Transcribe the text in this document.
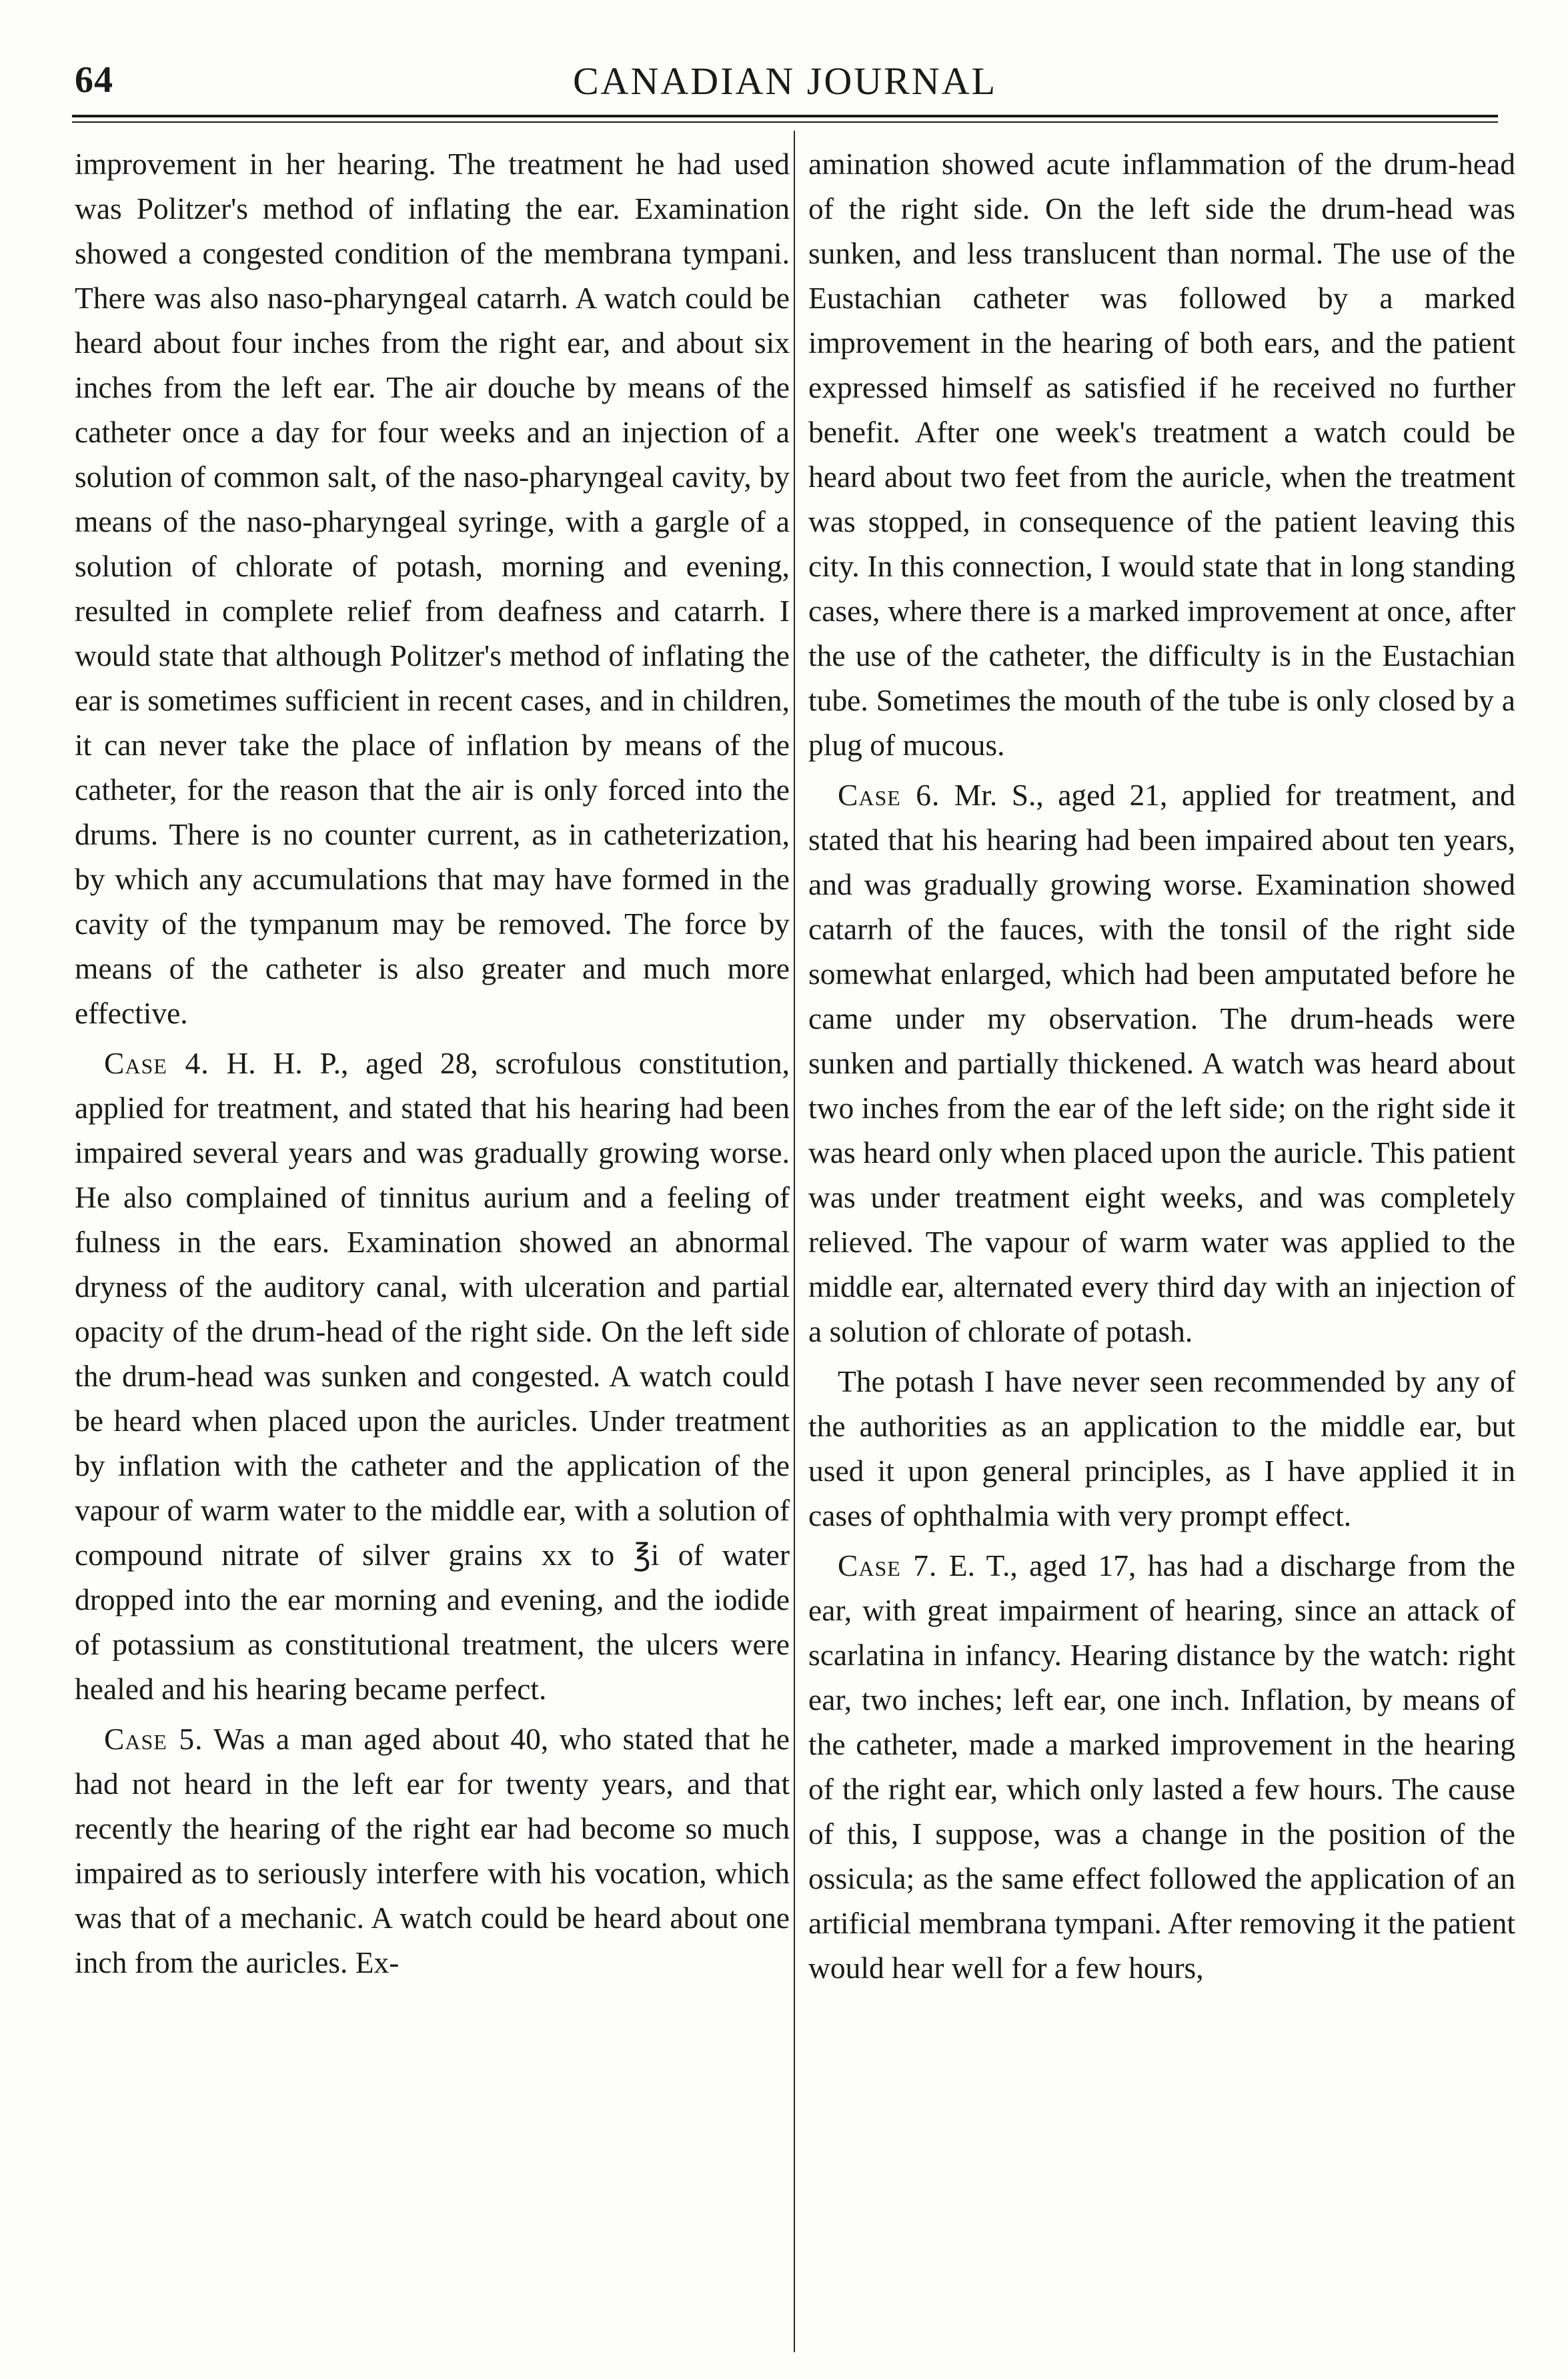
64	CANADIAN JOURNAL

improvement in her hearing. The treatment he had used was Politzer's method of inflating the ear. Examination showed a congested condition of the membrana tympani. There was also naso-pharyngeal catarrh. A watch could be heard about four inches from the right ear, and about six inches from the left ear. The air douche by means of the catheter once a day for four weeks and an injection of a solution of common salt, of the naso-pharyngeal cavity, by means of the naso-pharyngeal syringe, with a gargle of a solution of chlorate of potash, morning and evening, resulted in complete relief from deafness and catarrh. I would state that although Politzer's method of inflating the ear is sometimes sufficient in recent cases, and in children, it can never take the place of inflation by means of the catheter, for the reason that the air is only forced into the drums. There is no counter current, as in catheterization, by which any accumulations that may have formed in the cavity of the tympanum may be removed. The force by means of the catheter is also greater and much more effective.

Case 4. H. H. P., aged 28, scrofulous constitution, applied for treatment, and stated that his hearing had been impaired several years and was gradually growing worse. He also complained of tinnitus aurium and a feeling of fulness in the ears. Examination showed an abnormal dryness of the auditory canal, with ulceration and partial opacity of the drum-head of the right side. On the left side the drum-head was sunken and congested. A watch could be heard when placed upon the auricles. Under treatment by inflation with the catheter and the application of the vapour of warm water to the middle ear, with a solution of compound nitrate of silver grains xx to ℥i of water dropped into the ear morning and evening, and the iodide of potassium as constitutional treatment, the ulcers were healed and his hearing became perfect.

Case 5. Was a man aged about 40, who stated that he had not heard in the left ear for twenty years, and that recently the hearing of the right ear had become so much impaired as to seriously interfere with his vocation, which was that of a mechanic. A watch could be heard about one inch from the auricles. Ex-

amination showed acute inflammation of the drum-head of the right side. On the left side the drum-head was sunken, and less translucent than normal. The use of the Eustachian catheter was followed by a marked improvement in the hearing of both ears, and the patient expressed himself as satisfied if he received no further benefit. After one week's treatment a watch could be heard about two feet from the auricle, when the treatment was stopped, in consequence of the patient leaving this city. In this connection, I would state that in long standing cases, where there is a marked improvement at once, after the use of the catheter, the difficulty is in the Eustachian tube. Sometimes the mouth of the tube is only closed by a plug of mucous.

Case 6. Mr. S., aged 21, applied for treatment, and stated that his hearing had been impaired about ten years, and was gradually growing worse. Examination showed catarrh of the fauces, with the tonsil of the right side somewhat enlarged, which had been amputated before he came under my observation. The drum-heads were sunken and partially thickened. A watch was heard about two inches from the ear of the left side; on the right side it was heard only when placed upon the auricle. This patient was under treatment eight weeks, and was completely relieved. The vapour of warm water was applied to the middle ear, alternated every third day with an injection of a solution of chlorate of potash.

The potash I have never seen recommended by any of the authorities as an application to the middle ear, but used it upon general principles, as I have applied it in cases of ophthalmia with very prompt effect.

Case 7. E. T., aged 17, has had a discharge from the ear, with great impairment of hearing, since an attack of scarlatina in infancy. Hearing distance by the watch: right ear, two inches; left ear, one inch. Inflation, by means of the catheter, made a marked improvement in the hearing of the right ear, which only lasted a few hours. The cause of this, I suppose, was a change in the position of the ossicula; as the same effect followed the application of an artificial membrana tympani. After removing it the patient would hear well for a few hours,
